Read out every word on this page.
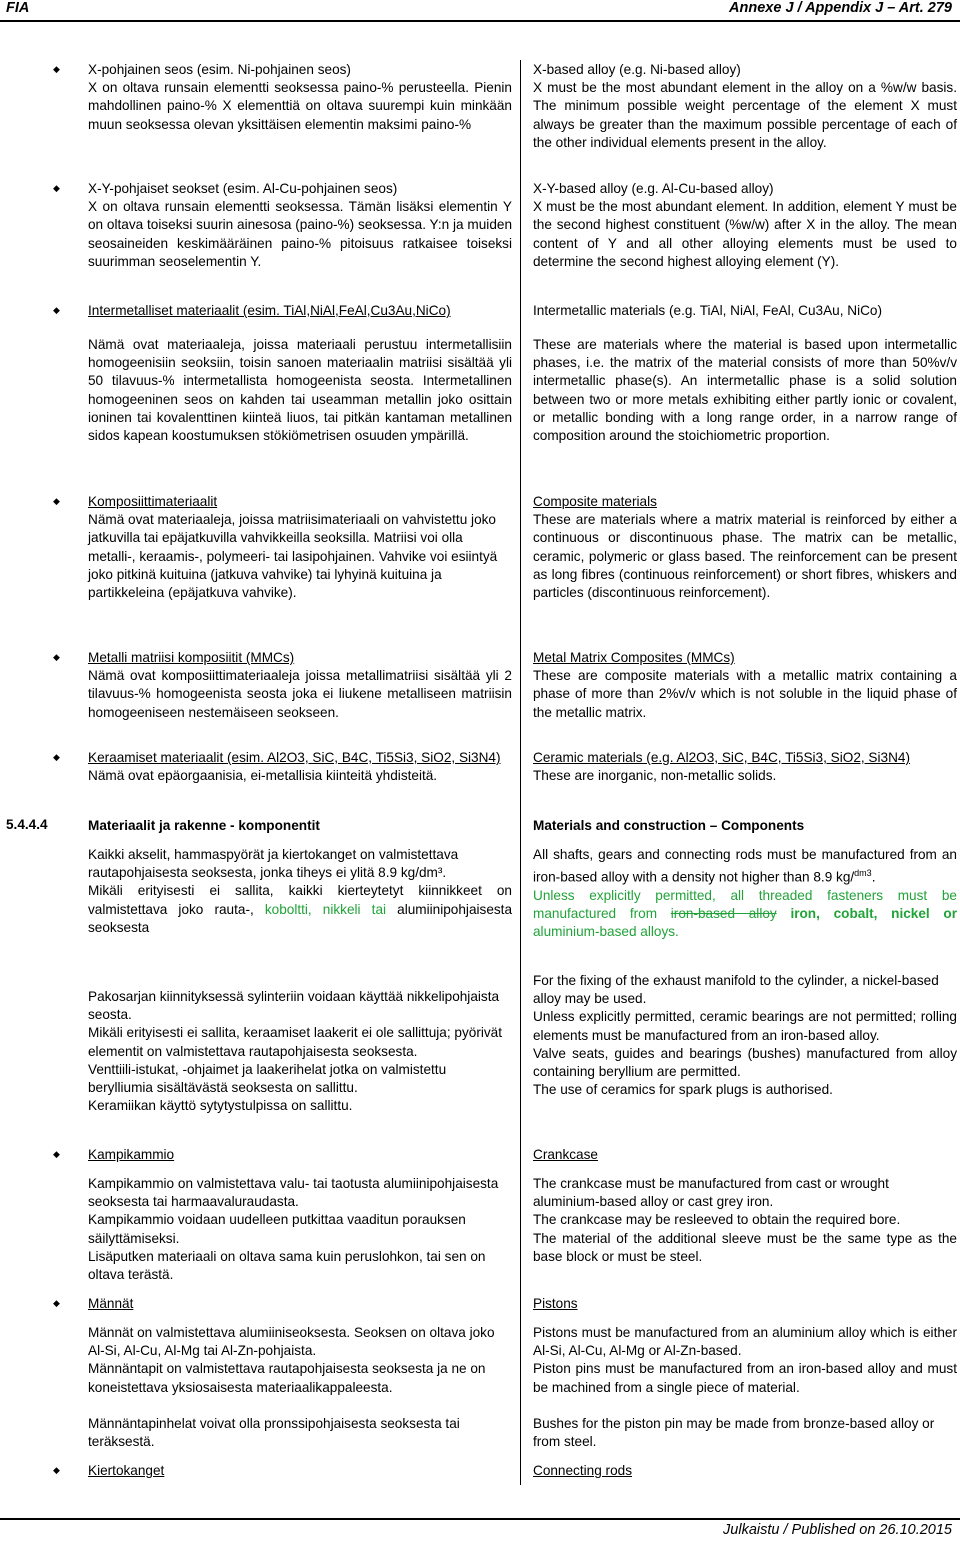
FIA	Annexe J / Appendix J – Art. 279
◆
◆
◆
◆
◆
◆
◆
◆
◆

X-pohjainen seos (esim. Ni-pohjainen seos)

X on oltava runsain elementti seoksessa paino-% perusteella. Pienin mahdollinen paino-% X elementtiä on oltava suurempi kuin minkään muun seoksessa olevan yksittäisen elementin maksimi paino-%

X-Y-pohjaiset seokset (esim. Al-Cu-pohjainen seos)

X on oltava runsain elementti seoksessa. Tämän lisäksi elementin Y on oltava toiseksi suurin ainesosa (paino-%) seoksessa. Y:n ja muiden seosaineiden keskimääräinen paino-% pitoisuus ratkaisee toiseksi suurimman seoselementin Y.

Intermetalliset materiaalit (esim. TiAl,NiAl,FeAl,Cu3Au,NiCo)
Nämä ovat materiaaleja, joissa materiaali perustuu intermetallisiin homogeenisiin seoksiin, toisin sanoen materiaalin matriisi sisältää yli 50 tilavuus-% intermetallista homogeenista seosta. Intermetallinen homogeeninen seos on kahden tai useamman metallin joko osittain ioninen tai kovalenttinen kiinteä liuos, tai pitkän kantaman metallinen sidos kapean koostumuksen stökiömetrisen osuuden ympärillä.

Komposiittimateriaalit

Nämä ovat materiaaleja, joissa matriisimateriaali on vahvistettu joko jatkuvilla tai epäjatkuvilla vahvikkeilla seoksilla. Matriisi voi olla metalli-, keraamis-, polymeeri- tai lasipohjainen. Vahvike voi esiintyä joko pitkinä kuituina (jatkuva vahvike) tai lyhyinä kuituina ja partikkeleina (epäjatkuva vahvike).

Metalli matriisi komposiitit (MMCs)

Nämä ovat komposiittimateriaaleja joissa metallimatriisi sisältää yli 2 tilavuus-% homogeenista seosta joka ei liukene metalliseen matriisin homogeeniseen nestemäiseen seokseen.

Keraamiset materiaalit (esim. Al2O3, SiC, B4C, Ti5Si3, SiO2, Si3N4)

Nämä ovat epäorgaanisia, ei-metallisia kiinteitä yhdisteitä.

5.4.4.4	Materiaalit ja rakenne - komponentit

Kaikki akselit, hammaspyörät ja kiertokanget on valmistettava rautapohjaisesta seoksesta, jonka tiheys ei ylitä 8.9 kg/dm³.

Mikäli erityisesti ei sallita, kaikki kierteytetyt kiinnikkeet on valmistettava joko rauta-, koboltti, nikkeli tai alumiinipohjaisesta seoksesta

Pakosarjan kiinnityksessä sylinteriin voidaan käyttää nikkelipohjaista seosta.

Mikäli erityisesti ei sallita, keraamiset laakerit ei ole sallittuja; pyörivät elementit on valmistettava rautapohjaisesta seoksesta.

Venttiili-istukat, -ohjaimet ja laakerihelat jotka on valmistettu berylliumia sisältävästä seoksesta on sallittu.

Keramiikan käyttö sytytystulpissa on sallittu.

Kampikammio

Kampikammio on valmistettava valu- tai taotusta alumiinipohjaisesta seoksesta tai harmaavaluraudasta.

Kampikammio voidaan uudelleen putkittaa vaaditun porauksen säilyttämiseksi.

Lisäputken materiaali on oltava sama kuin peruslohkon, tai sen on oltava terästä.

Männät

Männät on valmistettava alumiiniseoksesta. Seoksen on oltava joko Al-Si, Al-Cu, Al-Mg tai Al-Zn-pohjaista.

Männäntapit on valmistettava rautapohjaisesta seoksesta ja ne on koneistettava yksiosaisesta materiaalikappaleesta.

Männäntapinhelat voivat olla pronssipohjaisesta seoksesta tai teräksestä.
Kiertokanget

X-based alloy (e.g. Ni-based alloy)

X must be the most abundant element in the alloy on a %w/w basis. The minimum possible weight percentage of the element X must always be greater than the maximum possible percentage of each of the other individual elements present in the alloy.

X-Y-based alloy (e.g. Al-Cu-based alloy)

X must be the most abundant element. In addition, element Y must be the second highest constituent (%w/w) after X in the alloy. The mean content of Y and all other alloying elements must be used to determine the second highest alloying element (Y).

Intermetallic materials (e.g. TiAl, NiAl, FeAl, Cu3Au, NiCo)
These are materials where the material is based upon intermetallic phases, i.e. the matrix of the material consists of more than 50%v/v intermetallic phase(s). An intermetallic phase is a solid solution between two or more metals exhibiting either partly ionic or covalent, or metallic bonding with a long range order, in a narrow range of composition around the stoichiometric proportion.

Composite materials

These are materials where a matrix material is reinforced by either a continuous or discontinuous phase. The matrix can be metallic, ceramic, polymeric or glass based. The reinforcement can be present as long fibres (continuous reinforcement) or short fibres, whiskers and particles (discontinuous reinforcement).

Metal Matrix Composites (MMCs)

These are composite materials with a metallic matrix containing a phase of more than 2%v/v which is not soluble in the liquid phase of the metallic matrix.

Ceramic materials (e.g. Al2O3, SiC, B4C, Ti5Si3, SiO2, Si3N4)

These are inorganic, non-metallic solids.

Materials and construction – Components

All shafts, gears and connecting rods must be manufactured from an iron-based alloy with a density not higher than 8.9 kg/$^{dm3}$.

Unless explicitly permitted, all threaded fasteners must be manufactured from iron-based alloy iron, cobalt, nickel or aluminium-based alloys.

For the fixing of the exhaust manifold to the cylinder, a nickel-based alloy may be used.

Unless explicitly permitted, ceramic bearings are not permitted; rolling elements must be manufactured from an iron-based alloy.

Valve seats, guides and bearings (bushes) manufactured from alloy containing beryllium are permitted.

The use of ceramics for spark plugs is authorised.

Crankcase

The crankcase must be manufactured from cast or wrought aluminium-based alloy or cast grey iron.

The crankcase may be resleeved to obtain the required bore.

The material of the additional sleeve must be the same type as the base block or must be steel.

Pistons

Pistons must be manufactured from an aluminium alloy which is either Al-Si, Al-Cu, Al-Mg or Al-Zn-based.

Piston pins must be manufactured from an iron-based alloy and must be machined from a single piece of material.

Bushes for the piston pin may be made from bronze-based alloy or from steel.
Connecting rods
Julkaistu / Published on 26.10.2015
